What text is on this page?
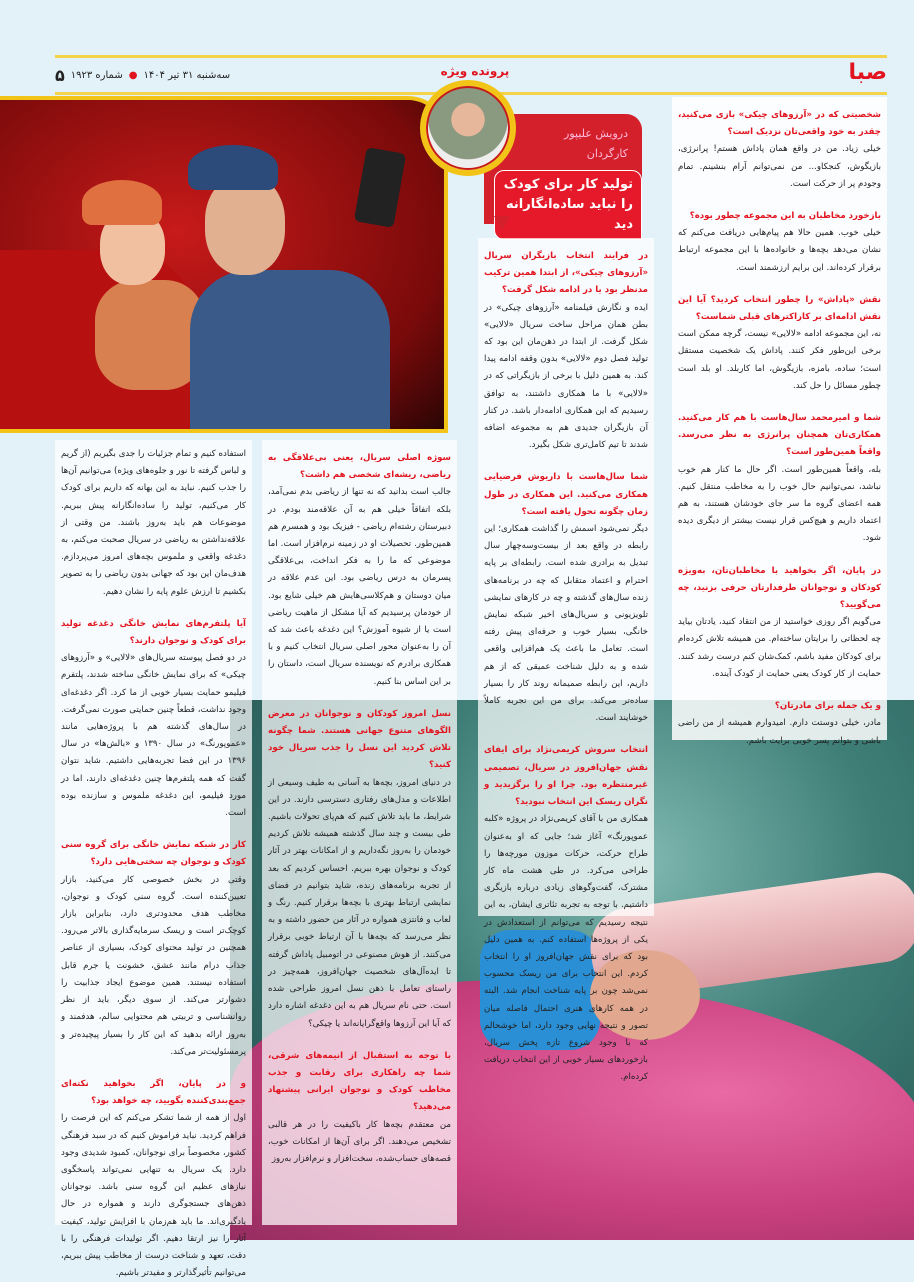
صبا
پرونده ویژه
سه‌شنبه ۳۱ تیر ۱۴۰۴
●
شماره ۱۹۲۳
۵
درویش علیپور
کارگردان
تولید کار برای کودک را نباید ساده‌انگارانه دید
شخصیتی که در «آرزوهای چیکی» بازی می‌کنید، چقدر به خود واقعی‌تان نزدیک است؟
خیلی زیاد. من در واقع همان پاداش هستم! پرانرژی، بازیگوش، کنجکاو... من نمی‌توانم آرام بنشینم. تمام وجودم پر از حرکت است.
بازخورد مخاطبان به این مجموعه چطور بوده؟
خیلی خوب. همین حالا هم پیام‌هایی دریافت می‌کنم که نشان می‌دهد بچه‌ها و خانواده‌ها با این مجموعه ارتباط برقرار کرده‌اند. این برایم ارزشمند است.
نقش «پاداش» را چطور انتخاب کردید؟ آیا این نقش ادامه‌ای بر کاراکترهای قبلی شماست؟
نه، این مجموعه ادامه «لالایی» نیست، گرچه ممکن است برخی این‌طور فکر کنند. پاداش یک شخصیت مستقل است؛ ساده، بامزه، بازیگوش، اما کاربلد. او بلد است چطور مسائل را حل کند.
شما و امیرمحمد سال‌هاست با هم کار می‌کنید. همکاری‌تان همچنان پرانرژی به نظر می‌رسد. واقعاً همین‌طور است؟
بله، واقعاً همین‌طور است. اگر حال ما کنار هم خوب نباشد، نمی‌توانیم حال خوب را به مخاطب منتقل کنیم. همه اعضای گروه ما سر جای خودشان هستند، به هم اعتماد داریم و هیچ‌کس قرار نیست بیشتر از دیگری دیده شود.
در پایان، اگر بخواهید با مخاطبان‌تان، به‌ویژه کودکان و نوجوانان طرفدارتان حرفی بزنید، چه می‌گویید؟
می‌گویم اگر روزی خواستید از من انتقاد کنید، یادتان بیاید چه لحظاتی را برایتان ساخته‌ام. من همیشه تلاش کرده‌ام برای کودکان مفید باشم، کمک‌شان کنم درست رشد کنند. حمایت از کار کودک یعنی حمایت از کودک آینده.
و یک جمله برای مادرتان؟
مادر، خیلی دوستت دارم. امیدوارم همیشه از من راضی باشی و بتوانم پسر خوبی برایت باشم.
در فرایند انتخاب بازیگران سریال «آرزوهای چیکی»، از ابتدا همین ترکیب مدنظر بود یا در ادامه شکل گرفت؟
ایده و نگارش فیلمنامه «آرزوهای چیکی» در بطن همان مراحل ساخت سریال «لالایی» شکل گرفت. از ابتدا در ذهن‌مان این بود که تولید فصل دوم «لالایی» بدون وقفه ادامه پیدا کند. به همین دلیل با برخی از بازیگراتی که در «لالایی» با ما همکاری داشتند، به توافق رسیدیم که این همکاری ادامه‌دار باشد. در کنار آن بازیگران جدیدی هم به مجموعه اضافه شدند تا تیم کامل‌تری شکل بگیرد.
شما سال‌هاست با داریوش فرضیایی همکاری می‌کنید. این همکاری در طول زمان چگونه تحول یافته است؟
دیگر نمی‌شود اسمش را گذاشت همکاری؛ این رابطه در واقع بعد از بیست‌وسه‌چهار سال تبدیل به برادری شده است. رابطه‌ای بر پایه احترام و اعتماد متقابل که چه در برنامه‌های زنده سال‌های گذشته و چه در کارهای نمایشی تلویزیونی و سریال‌های اخیر شبکه نمایش خانگی، بسیار خوب و حرفه‌ای پیش رفته است. تعامل ما باعث یک هم‌افزایی واقعی شده و به دلیل شناخت عمیقی که از هم داریم، این رابطه صمیمانه روند کار را بسیار ساده‌تر می‌کند. برای من این تجربه کاملاً خوشایند است.
انتخاب سروش کریمی‌نژاد برای ایفای نقش جهان‌افروز در سریال، تصمیمی غیرمنتظره بود. چرا او را برگزیدید و نگران ریسک این انتخاب نبودید؟
همکاری من با آقای کریمی‌نژاد در پروژه «کلبه عموپورنگ» آغاز شد؛ جایی که او به‌عنوان طراح حرکت، حرکات موزون مورچه‌ها را طراحی می‌کرد. در طی هشت ماه کار مشترک، گفت‌وگوهای زیادی درباره بازیگری داشتیم. با توجه به تجربه تئاتری ایشان، به این نتیجه رسیدیم که می‌توانم از استعدادش در یکی از پروژه‌ها استفاده کنم. به همین دلیل بود که برای نقش جهان‌افروز او را انتخاب کردم. این انتخاب برای من ریسک محسوب نمی‌شد چون بر پایه شناخت انجام شد. البته در همه کارهای هنری احتمال فاصله میان تصور و نتیجه نهایی وجود دارد، اما خوشحالم که با وجود شروع تازه پخش سریال، بازخوردهای بسیار خوبی از این انتخاب دریافت کرده‌ام.
سوژه اصلی سریال، یعنی بی‌علاقگی به ریاضی، ریشه‌ای شخصی هم داشت؟
جالب است بدانید که نه تنها از ریاضی بدم نمی‌آمد، بلکه اتفاقاً خیلی هم به آن علاقه‌مند بودم. در دبیرستان رشته‌ام ریاضی - فیزیک بود و همسرم هم همین‌طور. تحصیلات او در زمینه نرم‌افزار است. اما موضوعی که ما را به فکر انداخت، بی‌علاقگی پسرمان به درس ریاضی بود. این عدم علاقه در میان دوستان و هم‌کلاسی‌هایش هم خیلی شایع بود. از خودمان پرسیدیم که آیا مشکل از ماهیت ریاضی است یا از شیوه آموزش؟ این دغدغه باعث شد که آن را به‌عنوان محور اصلی سریال انتخاب کنیم و با همکاری برادرم که نویسنده سریال است، داستان را بر این اساس بنا کنیم.
نسل امروز کودکان و نوجوانان در معرض الگوهای متنوع جهانی هستند. شما چگونه تلاش کردید این نسل را جذب سریال خود کنید؟
در دنیای امروز، بچه‌ها به آسانی به طیف وسیعی از اطلاعات و مدل‌های رفتاری دسترسی دارند. در این شرایط، ما باید تلاش کنیم که هم‌پای تحولات باشیم. طی بیست و چند سال گذشته همیشه تلاش کردیم خودمان را به‌روز نگه‌داریم و از امکانات بهتر در آثار کودک و نوجوان بهره ببریم. احساس کردیم که بعد از تجربه برنامه‌های زنده، شاید بتوانیم در فضای نمایشی ارتباط بهتری با بچه‌ها برقرار کنیم. رنگ و لعاب و فانتزی همواره در آثار من حضور داشته و به نظر می‌رسد که بچه‌ها با آن ارتباط خوبی برقرار می‌کنند. از هوش مصنوعی در اتومبیل پاداش گرفته تا ایده‌آل‌های شخصیت جهان‌افروز، همه‌چیز در راستای تعامل با ذهن نسل امروز طراحی شده است. حتی نام سریال هم به این دغدغه اشاره دارد که آیا این آرزوها واقع‌گرایانه‌اند یا چیکی؟
با توجه به استقبال از انیمه‌های شرقی، شما چه راهکاری برای رقابت و جذب مخاطب کودک و نوجوان ایرانی پیشنهاد می‌دهید؟
من معتقدم بچه‌ها کار باکیفیت را در هر قالبی تشخیص می‌دهند. اگر برای آن‌ها از امکانات خوب، قصه‌های حساب‌شده، سخت‌افزار و نرم‌افزار به‌روز
استفاده کنیم و تمام جزئیات را جدی بگیریم (از گریم و لباس گرفته تا نور و جلوه‌های ویژه) می‌توانیم آن‌ها را جذب کنیم. نباید به این بهانه که داریم برای کودک کار می‌کنیم، تولید را ساده‌انگارانه پیش ببریم. موضوعات هم باید به‌روز باشند. من وقتی از علاقه‌نداشتن به ریاضی در سریال صحبت می‌کنم، به دغدغه واقعی و ملموس بچه‌های امروز می‌پردازم. هدف‌مان این بود که جهانی بدون ریاضی را به تصویر بکشیم تا ارزش علوم پایه را نشان دهیم.
آیا پلتفرم‌های نمایش خانگی دغدغه تولید برای کودک و نوجوان دارند؟
در دو فصل پیوسته سریال‌های «لالایی» و «آرزوهای چیکی» که برای نمایش خانگی ساخته شدند، پلتفرم فیلیمو حمایت بسیار خوبی از ما کرد. اگر دغدغه‌ای وجود نداشت، قطعاً چنین حمایتی صورت نمی‌گرفت. در سال‌های گذشته هم با پروژه‌هایی مانند «عموپورنگ» در سال ۱۳۹۰ و «بالش‌ها» در سال ۱۳۹۶ در این فضا تجربه‌هایی داشتیم. شاید نتوان گفت که همه پلتفرم‌ها چنین دغدغه‌ای دارند، اما در مورد فیلیمو، این دغدغه ملموس و سازنده بوده است.
کار در شبکه نمایش خانگی برای گروه سنی کودک و نوجوان چه سختی‌هایی دارد؟
وقتی در بخش خصوصی کار می‌کنید، بازار تعیین‌کننده است. گروه سنی کودک و نوجوان، مخاطب هدف محدودتری دارد، بنابراین بازار کوچک‌تر است و ریسک سرمایه‌گذاری بالاتر می‌رود. همچنین در تولید محتوای کودک، بسیاری از عناصر جذاب درام مانند عشق، خشونت یا جرم قابل استفاده نیستند. همین موضوع ایجاد جذابیت را دشوارتر می‌کند. از سوی دیگر، باید از نظر روانشناسی و تربیتی هم محتوایی سالم، هدفمند و به‌روز ارائه بدهید که این کار را بسیار پیچیده‌تر و پرمسئولیت‌تر می‌کند.
و در پایان، اگر بخواهید نکته‌ای جمع‌بندی‌کننده بگویید، چه خواهد بود؟
اول از همه از شما تشکر می‌کنم که این فرصت را فراهم کردید. نباید فراموش کنیم که در سبد فرهنگی کشور، مخصوصاً برای نوجوانان، کمبود شدیدی وجود دارد. یک سریال به تنهایی نمی‌تواند پاسخگوی نیازهای عظیم این گروه سنی باشد. نوجوانان ذهن‌های جستجوگری دارند و همواره در حال یادگیری‌اند. ما باید هم‌زمان با افزایش تولید، کیفیت آثار را نیز ارتقا دهیم. اگر تولیدات فرهنگی را با دقت، تعهد و شناخت درست از مخاطب پیش ببریم، می‌توانیم تأثیرگذارتر و مفیدتر باشیم.
